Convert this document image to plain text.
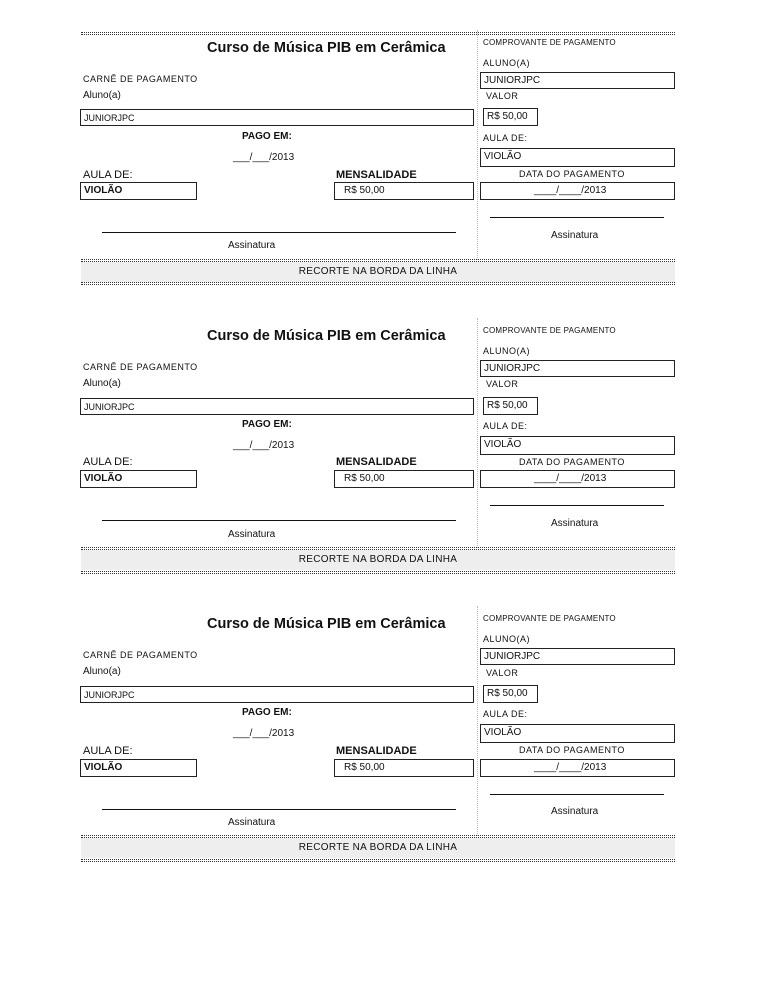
Curso de Música PIB em Cerâmica
CARNÊ DE PAGAMENTO
Aluno(a)
JUNIORJPC
PAGO EM:
___/___/2013
AULA DE:
VIOLÃO
MENSALIDADE
R$ 50,00
Assinatura
COMPROVANTE DE PAGAMENTO
ALUNO(A)
JUNIORJPC
VALOR
R$ 50,00
AULA DE:
VIOLÃO
DATA DO PAGAMENTO
____/____/2013
Assinatura
RECORTE NA BORDA DA LINHA
Curso de Música PIB em Cerâmica
CARNÊ DE PAGAMENTO
Aluno(a)
JUNIORJPC
PAGO EM:
___/___/2013
AULA DE:
VIOLÃO
MENSALIDADE
R$ 50,00
Assinatura
COMPROVANTE DE PAGAMENTO
ALUNO(A)
JUNIORJPC
VALOR
R$ 50,00
AULA DE:
VIOLÃO
DATA DO PAGAMENTO
____/____/2013
Assinatura
RECORTE NA BORDA DA LINHA
Curso de Música PIB em Cerâmica
CARNÊ DE PAGAMENTO
Aluno(a)
JUNIORJPC
PAGO EM:
___/___/2013
AULA DE:
VIOLÃO
MENSALIDADE
R$ 50,00
Assinatura
COMPROVANTE DE PAGAMENTO
ALUNO(A)
JUNIORJPC
VALOR
R$ 50,00
AULA DE:
VIOLÃO
DATA DO PAGAMENTO
____/____/2013
Assinatura
RECORTE NA BORDA DA LINHA
